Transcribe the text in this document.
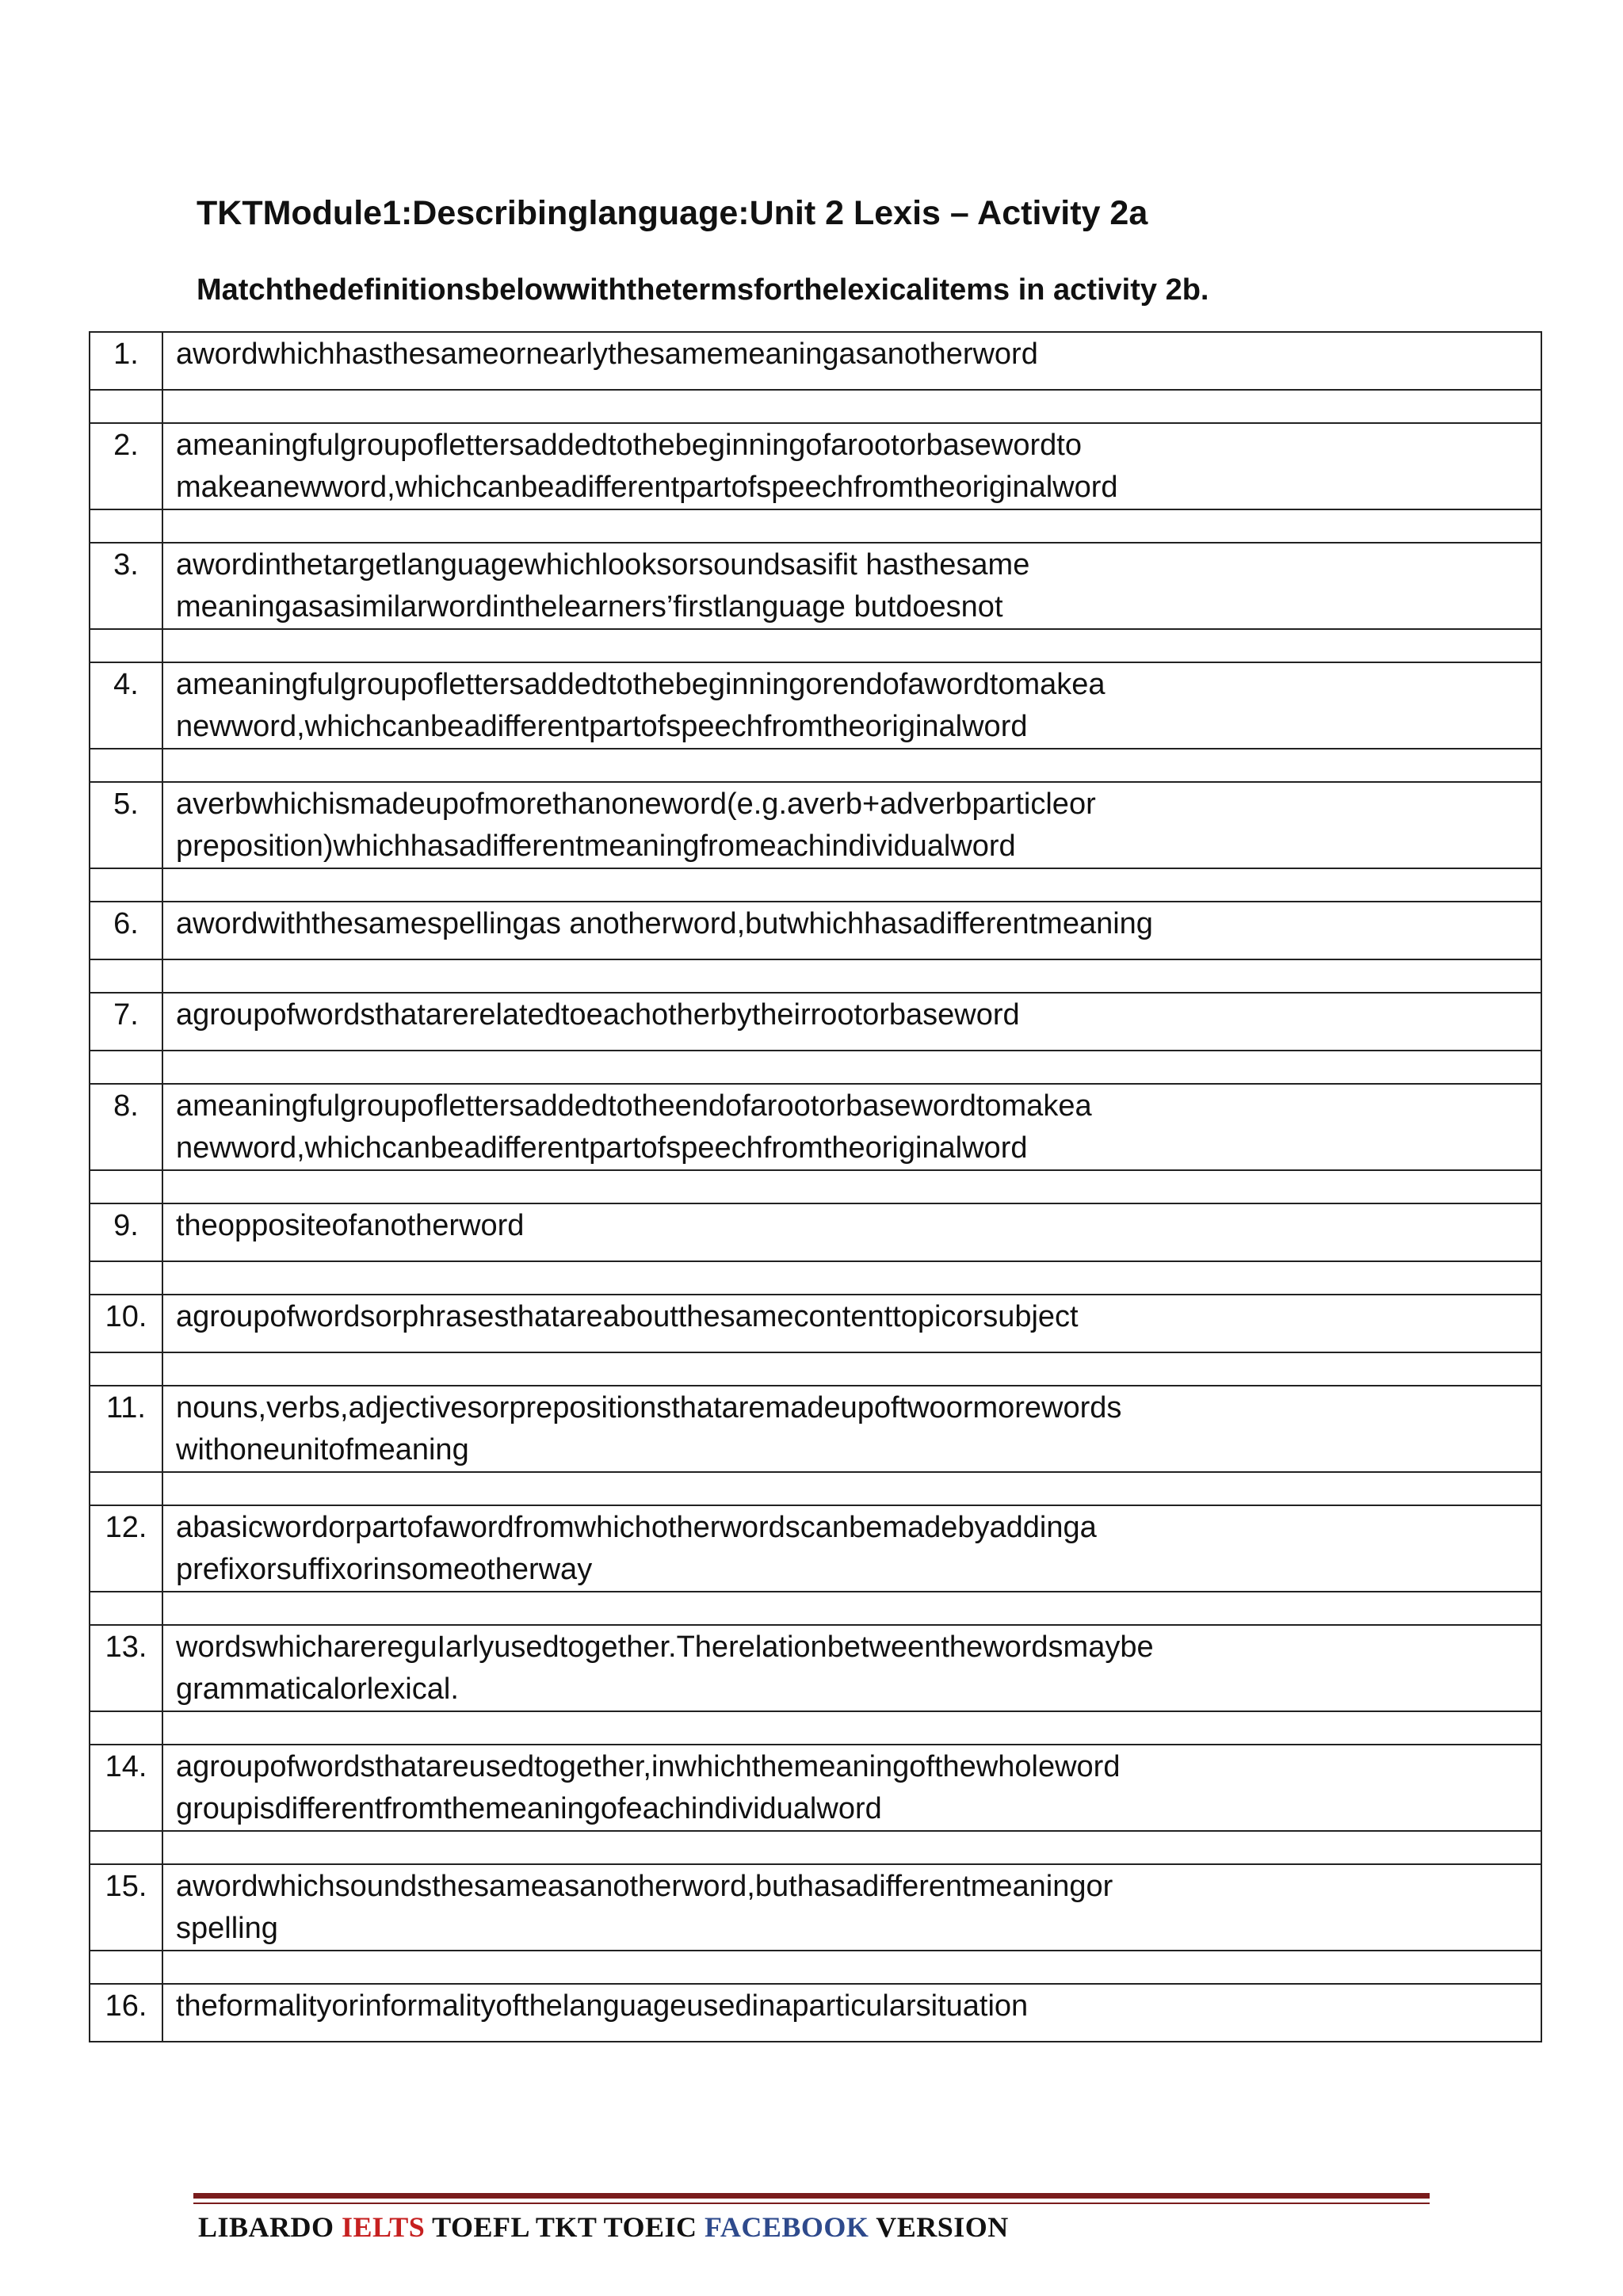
TKTModule1:Describinglanguage:Unit 2 Lexis – Activity 2a

Matchthedefinitionsbelowwiththetermsforthelexicalitems in activity 2b.

1.	awordwhichhasthesameornearlythesamemeaningasanotherword

2.	ameaningfulgroupoflettersaddedtothebeginningofarootorbasewordto
makeanewword,whichcanbeadifferentpartofspeechfromtheoriginalword

3.	awordinthetargetlanguagewhichlooksorsoundsasifit hasthesame
meaningasasimilarwordinthelearners’firstlanguage butdoesnot

4.	ameaningfulgroupoflettersaddedtothebeginningorendofawordtomakea
newword,whichcanbeadifferentpartofspeechfromtheoriginalword

5.	averbwhichismadeupofmorethanoneword(e.g.averb+adverbparticleor
preposition)whichhasadifferentmeaningfromeachindividualword

6.	awordwiththesamespellingas anotherword,butwhichhasadifferentmeaning

7.	agroupofwordsthatarerelatedtoeachotherbytheirrootorbaseword

8.	ameaningfulgroupoflettersaddedtotheendofarootorbasewordtomakea
newword,whichcanbeadifferentpartofspeechfromtheoriginalword

9.	theoppositeofanotherword

10.	agroupofwordsorphrasesthatareaboutthesamecontenttopicorsubject

11.	nouns,verbs,adjectivesorprepositionsthataremadeupoftwoormorewords
withoneunitofmeaning

12.	abasicwordorpartofawordfromwhichotherwordscanbemadebyaddinga
prefixorsuffixorinsomeotherway

13.	wordswhicharereguIarlyusedtogether.Therelationbetweenthewordsmaybe
grammaticalorlexical.

14.	agroupofwordsthatareusedtogether,inwhichthemeaningofthewholeword
groupisdifferentfromthemeaningofeachindividualword

15.	awordwhichsoundsthesameasanotherword,buthasadifferentmeaningor
spelling

16.	theformalityorinformalityofthelanguageusedinaparticularsituation

LIBARDO IELTS TOEFL TKT TOEIC FACEBOOK VERSION
